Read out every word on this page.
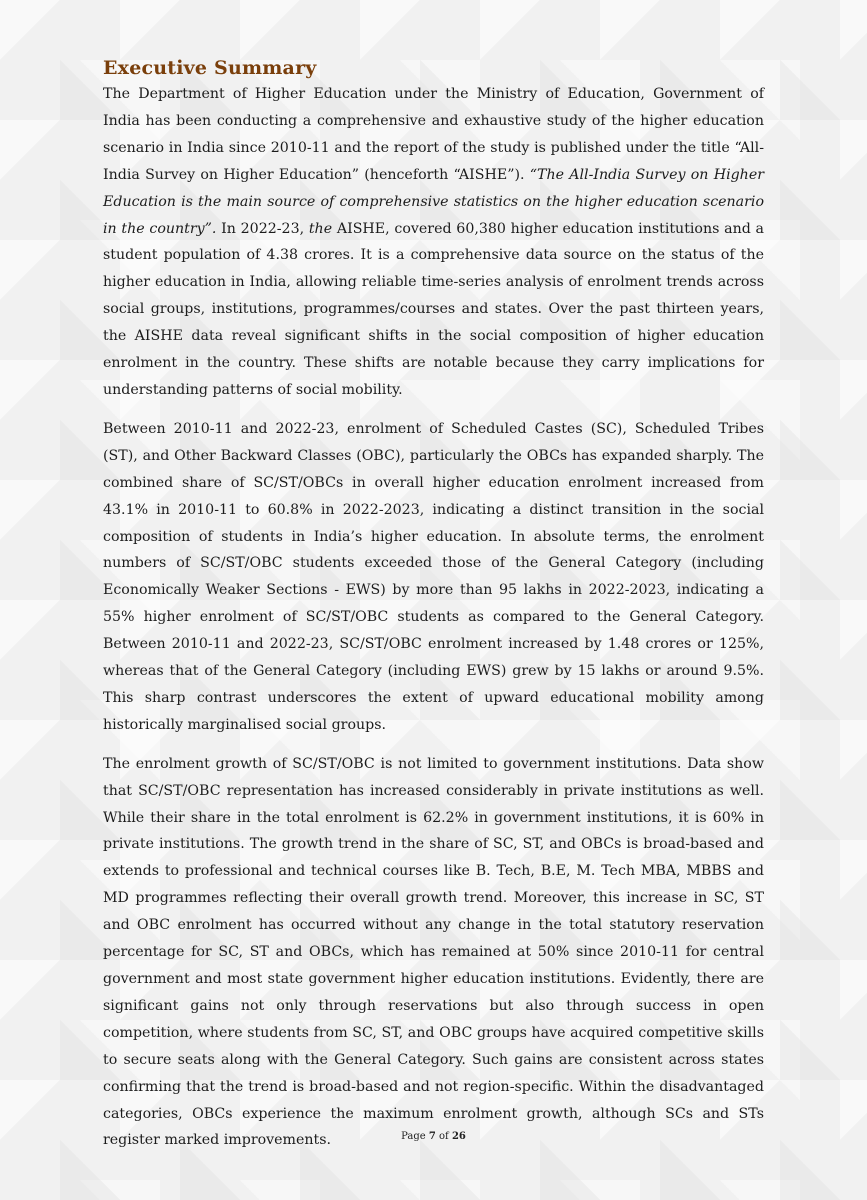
Executive Summary

The Department of Higher Education under the Ministry of Education, Government of India has been conducting a comprehensive and exhaustive study of the higher education scenario in India since 2010-11 and the report of the study is published under the title “All-India Survey on Higher Education” (henceforth “AISHE”). “The All-India Survey on Higher Education is the main source of comprehensive statistics on the higher education scenario in the country”. In 2022-23, the AISHE, covered 60,380 higher education institutions and a student population of 4.38 crores. It is a comprehensive data source on the status of the higher education in India, allowing reliable time-series analysis of enrolment trends across social groups, institutions, programmes/courses and states. Over the past thirteen years, the AISHE data reveal significant shifts in the social composition of higher education enrolment in the country. These shifts are notable because they carry implications for understanding patterns of social mobility.

Between 2010-11 and 2022-23, enrolment of Scheduled Castes (SC), Scheduled Tribes (ST), and Other Backward Classes (OBC), particularly the OBCs has expanded sharply. The combined share of SC/ST/OBCs in overall higher education enrolment increased from 43.1% in 2010-11 to 60.8% in 2022-2023, indicating a distinct transition in the social composition of students in India’s higher education. In absolute terms, the enrolment numbers of SC/ST/OBC students exceeded those of the General Category (including Economically Weaker Sections - EWS) by more than 95 lakhs in 2022-2023, indicating a 55% higher enrolment of SC/ST/OBC students as compared to the General Category. Between 2010-11 and 2022-23, SC/ST/OBC enrolment increased by 1.48 crores or 125%, whereas that of the General Category (including EWS) grew by 15 lakhs or around 9.5%. This sharp contrast underscores the extent of upward educational mobility among historically marginalised social groups.

The enrolment growth of SC/ST/OBC is not limited to government institutions. Data show that SC/ST/OBC representation has increased considerably in private institutions as well. While their share in the total enrolment is 62.2% in government institutions, it is 60% in private institutions. The growth trend in the share of SC, ST, and OBCs is broad-based and extends to professional and technical courses like B. Tech, B.E, M. Tech MBA, MBBS and MD programmes reflecting their overall growth trend. Moreover, this increase in SC, ST and OBC enrolment has occurred without any change in the total statutory reservation percentage for SC, ST and OBCs, which has remained at 50% since 2010-11 for central government and most state government higher education institutions. Evidently, there are significant gains not only through reservations but also through success in open competition, where students from SC, ST, and OBC groups have acquired competitive skills to secure seats along with the General Category. Such gains are consistent across states confirming that the trend is broad-based and not region-specific. Within the disadvantaged categories, OBCs experience the maximum enrolment growth, although SCs and STs register marked improvements.	Page 7 of 26
